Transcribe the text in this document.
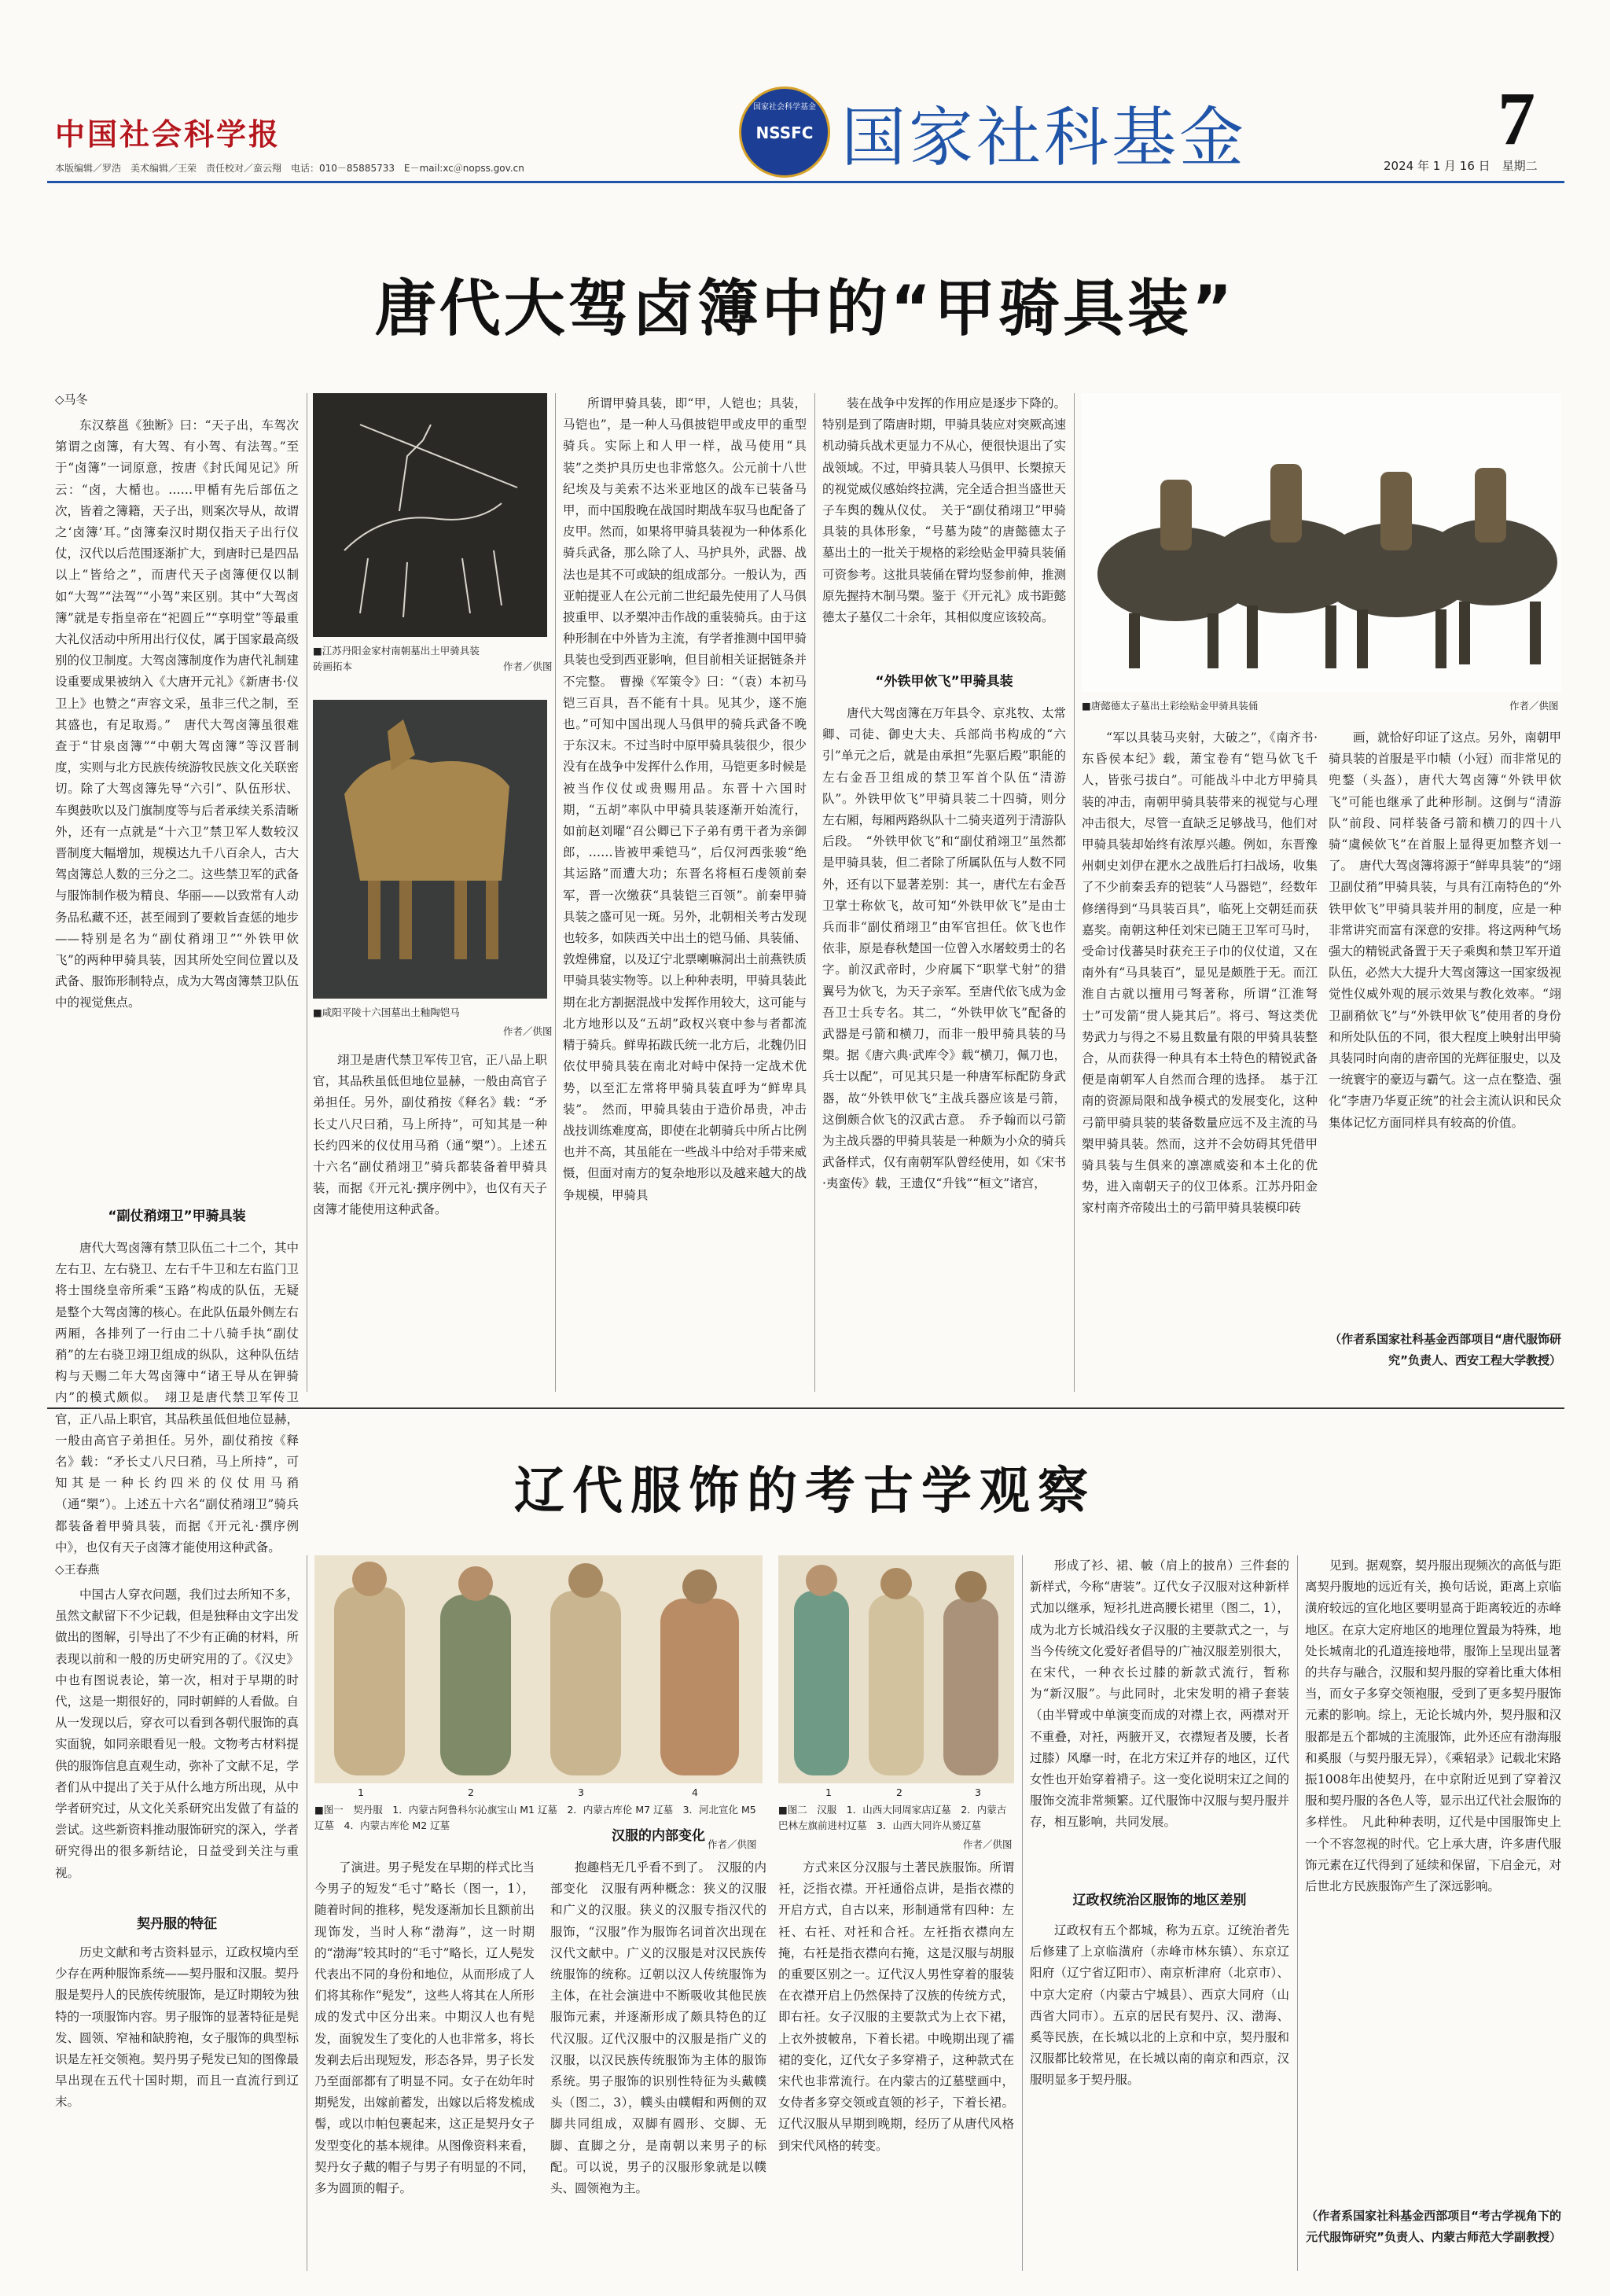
中国社会科学报
本版编辑／罗浩　美术编辑／王荣　责任校对／蛮云翔　电话：010－85885733　E－mail:xc＠nopss.gov.cn
国家社会科学基金
NSSFC 国家社科基金	7
2024 年 1 月 16 日　星期二
唐代大驾卤簿中的“甲骑具装”
◇马冬

东汉蔡邕《独断》曰：“天子出，车驾次第谓之卤簿，有大驾、有小驾、有法驾。”至于“卤簿”一词原意，按唐《封氏闻见记》所云：“卤，大楯也。……甲楯有先后部伍之次，皆着之簿籍，天子出，则案次导从，故谓之‘卤簿’耳。”卤簿秦汉时期仅指天子出行仪仗，汉代以后范围逐渐扩大，到唐时已是四品以上“皆给之”，而唐代天子卤簿便仅以制如“大驾”“法驾”“小驾”来区别。其中“大驾卤簿”就是专指皇帝在“祀圆丘”“享明堂”等最重大礼仪活动中所用出行仪仗，属于国家最高级别的仪卫制度。大驾卤簿制度作为唐代礼制建设重要成果被纳入《大唐开元礼》《新唐书·仪卫上》也赞之“声容文采，虽非三代之制，至其盛也，有足取焉。”　唐代大驾卤簿虽很难查于“甘泉卤簿”“中朝大驾卤簿”等汉晋制度，实则与北方民族传统游牧民族文化关联密切。除了大驾卤簿先导“六引”、队伍形状、车舆鼓吹以及门旗制度等与后者承续关系清晰外，还有一点就是“十六卫”禁卫军人数较汉晋制度大幅增加，规模达九千八百余人，古大驾卤簿总人数的三分之二。这些禁卫军的武备与服饰制作极为精良、华丽——以致常有人动务品私藏不还，甚至闹到了要敕旨查惩的地步——特别是名为“副仗矟翊卫”“外铁甲佽飞”的两种甲骑具装，因其所处空间位置以及武备、服饰形制特点，成为大驾卤簿禁卫队伍中的视觉焦点。

“副仗矟翊卫”甲骑具装

唐代大驾卤簿有禁卫队伍二十二个，其中左右卫、左右骁卫、左右千牛卫和左右监门卫将士围绕皇帝所乘“玉路”构成的队伍，无疑是整个大驾卤簿的核心。在此队伍最外侧左右两厢，各排列了一行由二十八骑手执“副仗矟”的左右骁卫翊卫组成的纵队，这种队伍结构与天赐二年大驾卤簿中“诸王导从在钾骑内”的模式颇似。　翊卫是唐代禁卫军传卫官，正八品上职官，其品秩虽低但地位显赫，一般由高官子弟担任。另外，副仗矟按《释名》载：“矛长丈八尺曰矟，马上所持”，可知其是一种长约四米的仪仗用马矟（通“槊”）。上述五十六名“副仗矟翊卫”骑兵都装备着甲骑具装，而据《开元礼·撰序例中》，也仅有天子卤簿才能使用这种武备。

■江苏丹阳金家村南朝墓出土甲骑具装砖画拓本	作者／供图
■咸阳平陵十六国墓出土釉陶铠马
作者／供图

翊卫是唐代禁卫军传卫官，正八品上职官，其品秩虽低但地位显赫，一般由高官子弟担任。另外，副仗矟按《释名》载：“矛长丈八尺曰矟，马上所持”，可知其是一种长约四米的仪仗用马矟（通“槊”）。上述五十六名“副仗矟翊卫”骑兵都装备着甲骑具装，而据《开元礼·撰序例中》，也仅有天子卤簿才能使用这种武备。

所谓甲骑具装，即“甲，人铠也；具装，马铠也”，是一种人马俱披铠甲或皮甲的重型骑兵。实际上和人甲一样，战马使用“具装”之类护具历史也非常悠久。公元前十八世纪埃及与美索不达米亚地区的战车已装备马甲，而中国殷晚在战国时期战车驭马也配备了皮甲。然而，如果将甲骑具装视为一种体系化骑兵武备，那么除了人、马护具外，武器、战法也是其不可或缺的组成部分。一般认为，西亚帕提亚人在公元前二世纪最先使用了人马俱披重甲、以矛槊冲击作战的重装骑兵。由于这种形制在中外皆为主流，有学者推测中国甲骑具装也受到西亚影响，但目前相关证据链条并不完整。　曹操《军策令》曰：“（袁）本初马铠三百具，吾不能有十具。见其少，遂不施也。”可知中国出现人马俱甲的骑兵武备不晚于东汉末。不过当时中原甲骑具装很少，很少没有在战争中发挥什么作用，马铠更多时候是被当作仪仗或贵赐用品。东晋十六国时期，“五胡”率队中甲骑具装逐渐开始流行，如前赵刘曜“召公卿已下子弟有勇干者为亲御郎，……皆被甲乘铠马”，后仅河西张骏“绝其运路”而遭大功；东晋名将桓石虔领前秦军，晋一次缴获“具装铠三百领”。前秦甲骑具装之盛可见一斑。另外，北朝相关考古发现也较多，如陕西关中出土的铠马俑、具装俑、敦煌佛窟，以及辽宁北票喇嘛洞出土前燕铁质甲骑具装实物等。以上种种表明，甲骑具装此期在北方割据混战中发挥作用较大，这可能与北方地形以及“五胡”政权兴衰中参与者都流精于骑兵。鲜卑拓跋氏统一北方后，北魏仍旧依仗甲骑具装在南北对峙中保持一定战术优势，以至汇左常将甲骑具装直呼为“鲜卑具装”。　然而，甲骑具装由于造价昂贵，冲击战技训练难度高，即使在北朝骑兵中所占比例也并不高，其虽能在一些战斗中给对手带来威慑，但面对南方的复杂地形以及越来越大的战争规模，甲骑具

装在战争中发挥的作用应是逐步下降的。特别是到了隋唐时期，甲骑具装应对突厥高速机动骑兵战术更显力不从心，便很快退出了实战领域。不过，甲骑具装人马俱甲、长槊掠天的视觉威仪感始终拉满，完全适合担当盛世天子车舆的魏从仪仗。　关于“副仗矟翊卫”甲骑具装的具体形象，“号墓为陵”的唐懿德太子墓出土的一批关于规格的彩绘贴金甲骑具装俑可资参考。这批具装俑在臂均竖参前伸，推测原先握持木制马槊。鉴于《开元礼》成书距懿德太子墓仅二十余年，其相似度应该较高。

“外铁甲佽飞”甲骑具装

唐代大驾卤簿在万年县令、京兆牧、太常卿、司徒、御史大夫、兵部尚书构成的“六引”单元之后，就是由承担“先驱后殿”职能的左右金吾卫组成的禁卫军首个队伍“清游队”。外铁甲佽飞”甲骑具装二十四骑，则分左右厢，每厢两路纵队十二骑夹道列于清游队后段。　“外铁甲佽飞”和“副仗矟翊卫”虽然都是甲骑具装，但二者除了所属队伍与人数不同外，还有以下显著差别：其一，唐代左右金吾卫掌士称佽飞，故可知“外铁甲佽飞”是由士兵而非“副仗矟翊卫”由军官担任。佽飞也作依非，原是春秋楚国一位曾入水屠蛟勇士的名字。前汉武帝时，少府属下“职掌弋射”的猎翼号为佽飞，为天子亲军。至唐代依飞成为金吾卫士兵专名。其二，“外铁甲佽飞”配备的武器是弓箭和横刀，而非一般甲骑具装的马槊。据《唐六典·武库令》载“横刀，佩刀也，兵士以配”，可见其只是一种唐军标配防身武器，故“外铁甲佽飞”主战兵器应该是弓箭，这倒颇合佽飞的汉武古意。　乔予翰而以弓箭为主战兵器的甲骑具装是一种颇为小众的骑兵武备样式，仅有南朝军队曾经使用，如《宋书·夷蛮传》载，王遗仅“升钱”“桓文”诸宫，

■唐懿德太子墓出土彩绘贴金甲骑具装俑	作者／供图

“军以具装马夹射，大破之”，《南齐书·东昏侯本纪》载，萧宝卷有“铠马佽飞千人，皆张弓拔白”。可能战斗中北方甲骑具装的冲击，南朝甲骑具装带来的视觉与心理冲击很大，尽管一直缺乏足够战马，他们对甲骑具装却始终有浓厚兴趣。例如，东晋豫州刺史刘伊在淝水之战胜后打扫战场，收集了不少前秦丢弃的铠装“人马器铠”，经数年修缮得到“马具装百具”，临死上交朝廷而获嘉奖。南朝这种任刘宋已随王卫军可马时，受命讨伐蕃吴时获充王子巾的仪仗道，又在南外有“马具装百”，显见是颇胜于无。而江淮自古就以擅用弓弩著称，所谓“江淮弩士”可发箭“贯人毙其后”。将弓、弩这类优势武力与得之不易且数量有限的甲骑具装整合，从而获得一种具有本土特色的精锐武备便是南朝军人自然而合理的选择。　基于江南的资源局限和战争模式的发展变化，这种弓箭甲骑具装的装备数量应远不及主流的马槊甲骑具装。然而，这并不会妨碍其凭借甲骑具装与生俱来的凛凛威姿和本土化的优势，进入南朝天子的仪卫体系。江苏丹阳金家村南齐帝陵出土的弓箭甲骑具装模印砖

画，就恰好印证了这点。另外，南朝甲骑具装的首服是平巾帻（小冠）而非常见的兜鍪（头盔），唐代大驾卤簿“外铁甲佽飞”可能也继承了此种形制。这倒与“清游队”前段、同样装备弓箭和横刀的四十八骑“虞候佽飞”在首服上显得更加整齐划一了。　唐代大驾卤簿将源于“鲜卑具装”的“翊卫副仗矟”甲骑具装，与具有江南特色的“外铁甲佽飞”甲骑具装并用的制度，应是一种非常讲究而富有深意的安排。将这两种气场强大的精锐武备置于天子乘舆和禁卫军开道队伍，必然大大提升大驾卤簿这一国家级视觉性仪威外观的展示效果与教化效率。“翊卫副矟佽飞”与“外铁甲佽飞”使用者的身份和所处队伍的不同，很大程度上映射出甲骑具装同时向南的唐帝国的光辉征服史，以及一统寰宇的豪迈与霸气。这一点在整造、强化“李唐乃华夏正统”的社会主流认识和民众集体记忆方面同样具有较高的价值。

（作者系国家社科基金西部项目“唐代服饰研究”负责人、西安工程大学教授）
辽代服饰的考古学观察
◇王春燕

中国古人穿衣问题，我们过去所知不多，虽然文献留下不少记载，但是独释由文字出发做出的图解，引导出了不少有正确的材料，所表现以前和一般的历史研究用的了。《汉史》中也有图说表论，第一次，相对于早期的时代，这是一期很好的，同时朝鲜的人看做。自从一发现以后，穿衣可以看到各朝代服饰的真实面貌，如同亲眼看见一般。文物考古材料提供的服饰信息直观生动，弥补了文献不足，学者们从中提出了关于从什么地方所出现，从中学者研究过，从文化关系研究出发做了有益的尝试。这些新资料推动服饰研究的深入，学者研究得出的很多新结论，日益受到关注与重视。

1	2	3	4
■图一　契丹服　1．内蒙古阿鲁科尔沁旗宝山 M1 辽墓　2．内蒙古库伦 M7 辽墓　3．河北宣化 M5 辽墓　4．内蒙古库伦 M2 辽墓
作者／供图
1	2	3
■图二　汉服　1．山西大同周家店辽墓　2．内蒙古巴林左旗前进村辽墓　3．山西大同许从赟辽墓
作者／供图
契丹服的特征

历史文献和考古资料显示，辽政权境内至少存在两种服饰系统——契丹服和汉服。契丹服是契丹人的民族传统服饰，是辽时期较为独特的一项服饰内容。男子服饰的显著特征是髡发、圆领、窄袖和缺胯袍，女子服饰的典型标识是左衽交领袍。契丹男子髡发已知的图像最早出现在五代十国时期，而且一直流行到辽末。

了演进。男子髡发在早期的样式比当今男子的短发“毛寸”略长（图一，1），随着时间的推移，髡发逐渐加长且额前出现饰发，当时人称“渤海”，这一时期的“渤海”较其时的“毛寸”略长，辽人髡发代表出不同的身份和地位，从而形成了人们将其称作“髡发”，这些人将其在人所形成的发式中区分出来。中期汉人也有髡发，面貌发生了变化的人也非常多，将长发剃去后出现短发，形态各异，男子长发乃至面部都有了明显不同。女子在幼年时期髡发，出嫁前蓄发，出嫁以后将发梳成髻，或以巾帕包裹起来，这正是契丹女子发型变化的基本规律。从图像资料来看，契丹女子戴的帽子与男子有明显的不同，多为圆顶的帽子。

抱趣档无几乎看不到了。　汉服的内部变化　汉服有两种概念：狭义的汉服和广义的汉服。狭义的汉服专指汉代的服饰，“汉服”作为服饰名词首次出现在汉代文献中。广义的汉服是对汉民族传统服饰的统称。辽朝以汉人传统服饰为主体，在社会演进中不断吸收其他民族服饰元素，并逐渐形成了颇具特色的辽代汉服。辽代汉服中的汉服是指广义的汉服，以汉民族传统服饰为主体的服饰系统。男子服饰的识别性特征为头戴幞头（图二，3），幞头由幞帽和两侧的双脚共同组成，双脚有圆形、交脚、无脚、直脚之分，是南朝以来男子的标配。可以说，男子的汉服形象就是以幞头、圆领袍为主。

方式来区分汉服与土著民族服饰。所谓衽，泛指衣襟。开衽通俗点讲，是指衣襟的开启方式，自古以来，形制通常有四种：左衽、右衽、对衽和合衽。左衽指衣襟向左掩，右衽是指衣襟向右掩，这是汉服与胡服的重要区别之一。辽代汉人男性穿着的服装在衣襟开启上仍然保持了汉族的传统方式，即右衽。女子汉服的主要款式为上衣下裙，上衣外披帔帛，下着长裙。中晚期出现了襦裙的变化，辽代女子多穿褙子，这种款式在宋代也非常流行。在内蒙古的辽墓壁画中，女侍者多穿交领或直领的衫子，下着长裙。辽代汉服从早期到晚期，经历了从唐代风格到宋代风格的转变。

形成了衫、裙、帔（肩上的披帛）三件套的新样式，今称“唐装”。辽代女子汉服对这种新样式加以继承，短衫扎进高腰长裙里（图二，1），成为北方长城沿线女子汉服的主要款式之一，与当今传统文化爱好者倡导的广袖汉服差别很大，在宋代，一种衣长过膝的新款式流行，暂称为“新汉服”。与此同时，北宋发明的褙子套装（由半臂或中单演变而成的对襟上衣，两襟对开不重叠，对衽，两腋开叉，衣襟短者及腰，长者过膝）风靡一时，在北方宋辽并存的地区，辽代女性也开始穿着褙子。这一变化说明宋辽之间的服饰交流非常频繁。辽代服饰中汉服与契丹服并存，相互影响，共同发展。

辽政权统治区服饰的地区差别

辽政权有五个都城，称为五京。辽统治者先后修建了上京临潢府（赤峰市林东镇）、东京辽阳府（辽宁省辽阳市）、南京析津府（北京市）、中京大定府（内蒙古宁城县）、西京大同府（山西省大同市）。五京的居民有契丹、汉、渤海、奚等民族，在长城以北的上京和中京，契丹服和汉服都比较常见，在长城以南的南京和西京，汉服明显多于契丹服。

见到。据观察，契丹服出现频次的高低与距离契丹腹地的远近有关，换句话说，距离上京临潢府较远的宣化地区要明显高于距离较近的赤峰地区。在京大定府地区的地理位置最为特殊，地处长城南北的孔道连接地带，服饰上呈现出显著的共存与融合，汉服和契丹服的穿着比重大体相当，而女子多穿交领袍服，受到了更多契丹服饰元素的影响。综上，无论长城内外，契丹服和汉服都是五个都城的主流服饰，此外还应有渤海服和奚服（与契丹服无异），《乘轺录》记载北宋路振1008年出使契丹，在中京附近见到了穿着汉服和契丹服的各色人等，显示出辽代社会服饰的多样性。　凡此种种表明，辽代是中国服饰史上一个不容忽视的时代。它上承大唐，许多唐代服饰元素在辽代得到了延续和保留，下启金元，对后世北方民族服饰产生了深远影响。

（作者系国家社科基金西部项目“考古学视角下的元代服饰研究”负责人、内蒙古师范大学副教授）
汉服的内部变化
